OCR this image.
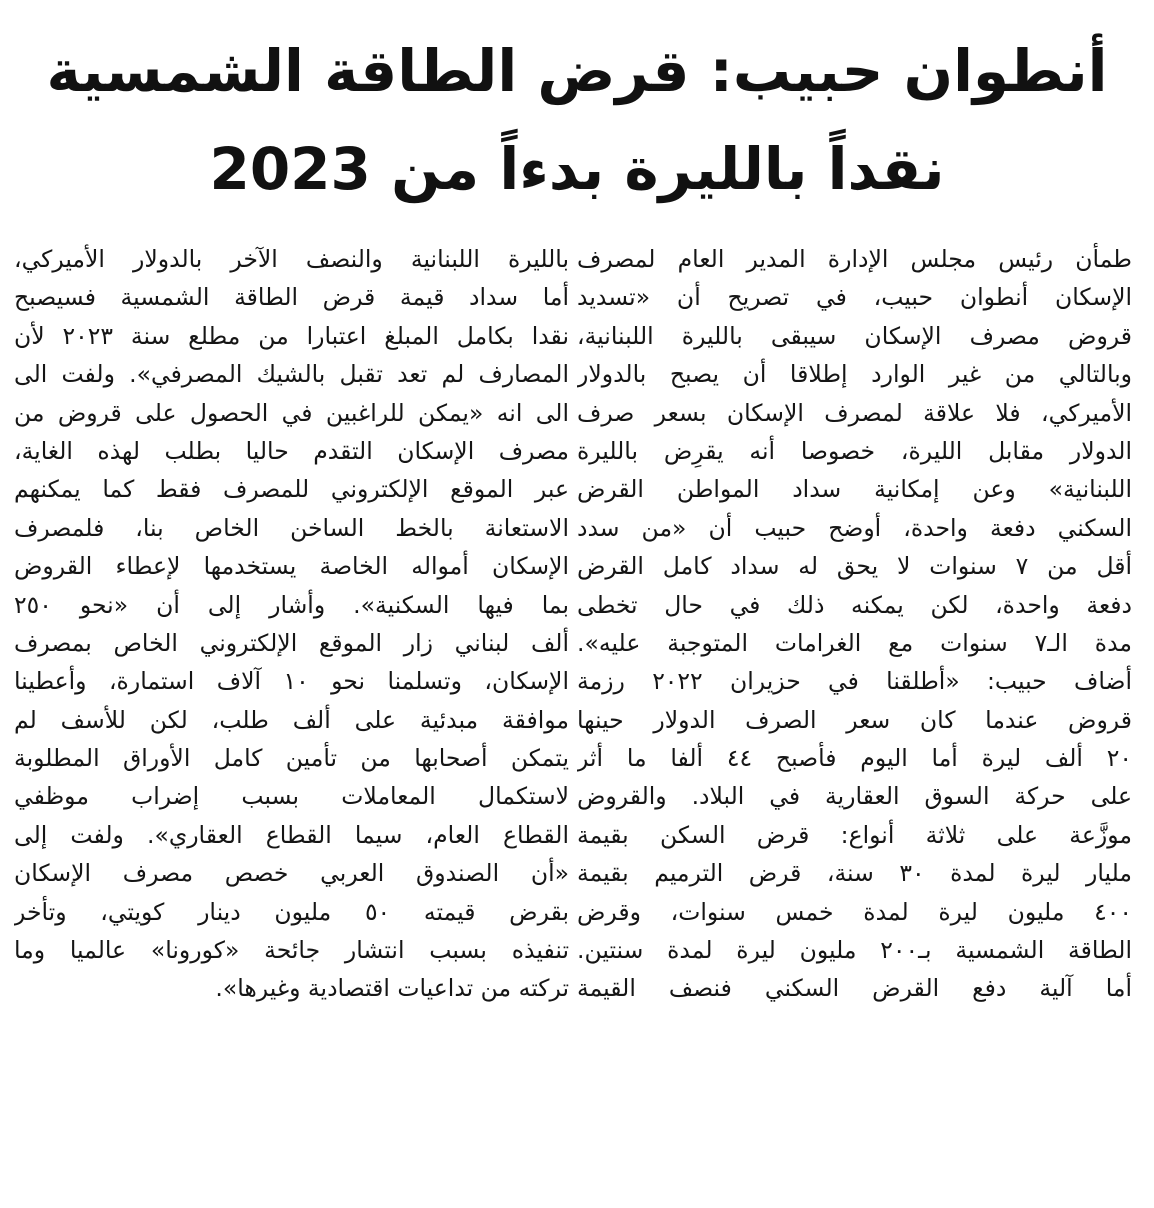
أنطوان حبيب: قرض الطاقة الشمسية
نقداً بالليرة بدءاً من 2023
طمأن رئيس مجلس الإدارة المدير العام لمصرف
الإسكان أنطوان حبيب، في تصريح أن «تسديد
قروض مصرف الإسكان سيبقى بالليرة اللبنانية،
وبالتالي من غير الوارد إطلاقا أن يصبح بالدولار
الأميركي، فلا علاقة لمصرف الإسكان بسعر صرف
الدولار مقابل الليرة، خصوصا أنه يقرِض بالليرة
اللبنانية» وعن إمكانية سداد المواطن القرض
السكني دفعة واحدة، أوضح حبيب أن «من سدد
أقل من ٧ سنوات لا يحق له سداد كامل القرض
دفعة واحدة، لكن يمكنه ذلك في حال تخطى
مدة الـ٧ سنوات مع الغرامات المتوجبة عليه».
أضاف حبيب: «أطلقنا في حزيران ٢٠٢٢ رزمة
قروض عندما كان سعر الصرف الدولار حينها
٢٠ ألف ليرة أما اليوم فأصبح ٤٤ ألفا ما أثر
على حركة السوق العقارية في البلاد. والقروض
موزَّعة على ثلاثة أنواع: قرض السكن بقيمة
مليار ليرة لمدة ٣٠ سنة، قرض الترميم بقيمة
٤٠٠ مليون ليرة لمدة خمس سنوات، وقرض
الطاقة الشمسية بـ٢٠٠ مليون ليرة لمدة سنتين.
أما آلية دفع القرض السكني فنصف القيمة
بالليرة اللبنانية والنصف الآخر بالدولار الأميركي،
أما سداد قيمة قرض الطاقة الشمسية فسيصبح
نقدا بكامل المبلغ اعتبارا من مطلع سنة ٢٠٢٣ لأن
المصارف لم تعد تقبل بالشيك المصرفي». ولفت الى
الى انه «يمكن للراغبين في الحصول على قروض من
مصرف الإسكان التقدم حاليا بطلب لهذه الغاية،
عبر الموقع الإلكتروني للمصرف فقط كما يمكنهم
الاستعانة بالخط الساخن الخاص بنا، فلمصرف
الإسكان أمواله الخاصة يستخدمها لإعطاء القروض
بما فيها السكنية». وأشار إلى أن «نحو ٢٥٠
ألف لبناني زار الموقع الإلكتروني الخاص بمصرف
الإسكان، وتسلمنا نحو ١٠ آلاف استمارة، وأعطينا
موافقة مبدئية على ألف طلب، لكن للأسف لم
يتمكن أصحابها من تأمين كامل الأوراق المطلوبة
لاستكمال المعاملات بسبب إضراب موظفي
القطاع العام، سيما القطاع العقاري». ولفت إلى
«أن الصندوق العربي خصص مصرف الإسكان
بقرض قيمته ٥٠ مليون دينار كويتي، وتأخر
تنفيذه بسبب انتشار جائحة «كورونا» عالميا وما
تركته من تداعيات اقتصادية وغيرها».
